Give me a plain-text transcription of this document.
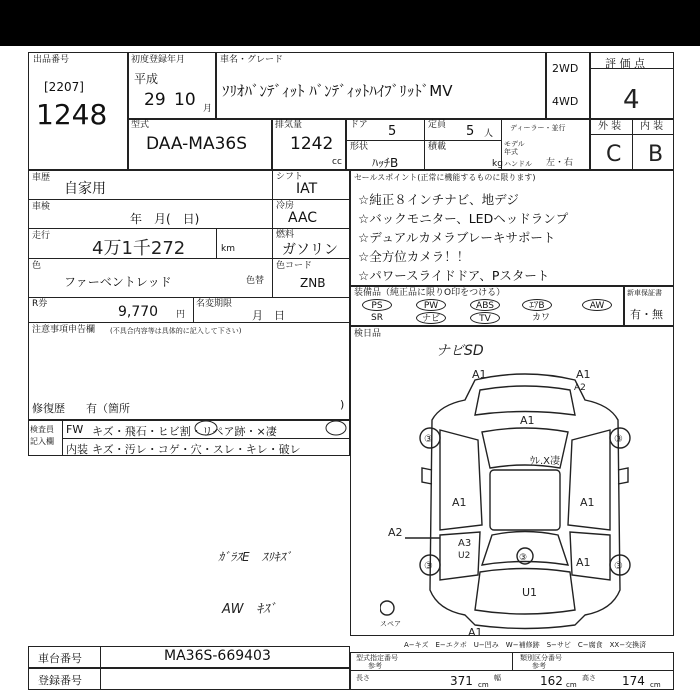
出品番号
[2207]
1248
初度登録年月
平成
29 10 月
車名・グレード
ｿﾘｵﾊﾞﾝﾃﾞｨｯﾄ ﾊﾞﾝﾃﾞｨｯﾄﾊｲﾌﾞﾘｯﾄﾞMV
2WD
4WD
評 価 点
4
型式
DAA-MA36S
排気量
1242
cc
ドア 5	定員 5 人
形状
ﾊｯﾁB
積載
kg
ディーラー・並行
モデル年式
ハンドル 左・右
外 装 内 装
C B
車歴
自家用
車検
年　月(　日)
走行
4万1千272	km
色
ファーベントレッド	色替
色コード
ZNB
R券	9,770 円
名変期限
月　日
注意事項申告欄 (不具合内容等は具体的に記入して下さい)
修復歴 有（箇所	)
シフト
IAT
冷房
AAC
燃料
ガソリン
セールスポイント(正常に機能するものに限ります)
☆純正８インチナビ、地デジ
☆バックモニター、LEDヘッドランプ
☆デュアルカメラブレーキサポート
☆全方位カメラ！！
☆パワースライドドア、Pスタート
装備品（純正品に限りO印をつける）
PS	PW	ABS	ｴｱB	AW
SR	ナビ	TV	カワ
新車保証書
有・無
検日品
ナビSD
検査員
記入欄
FW キズ・飛石・ヒビ割・リペア跡・×凄
内装 キズ・汚レ・コゲ・穴・スレ・キレ・破レ
ｶﾞﾗｽE　ｽﾘｷｽﾞ
AW　ｷｽﾞ
A1	A1
A2
A1
ｳﾚ.X凄
A1	A1
A1
A3
U2
U1
A1
A2
③	③
③	③
③
スペア
A−キズ　E−エクボ　U−凹み　W−補修跡　S−サビ　C−腐食　XX−交換済
車台番号	MA36S-669403
登録番号
型式指定番号
参考
類別区分番号
参考
長さ	371 cm
幅	162 cm
高さ 174 cm
